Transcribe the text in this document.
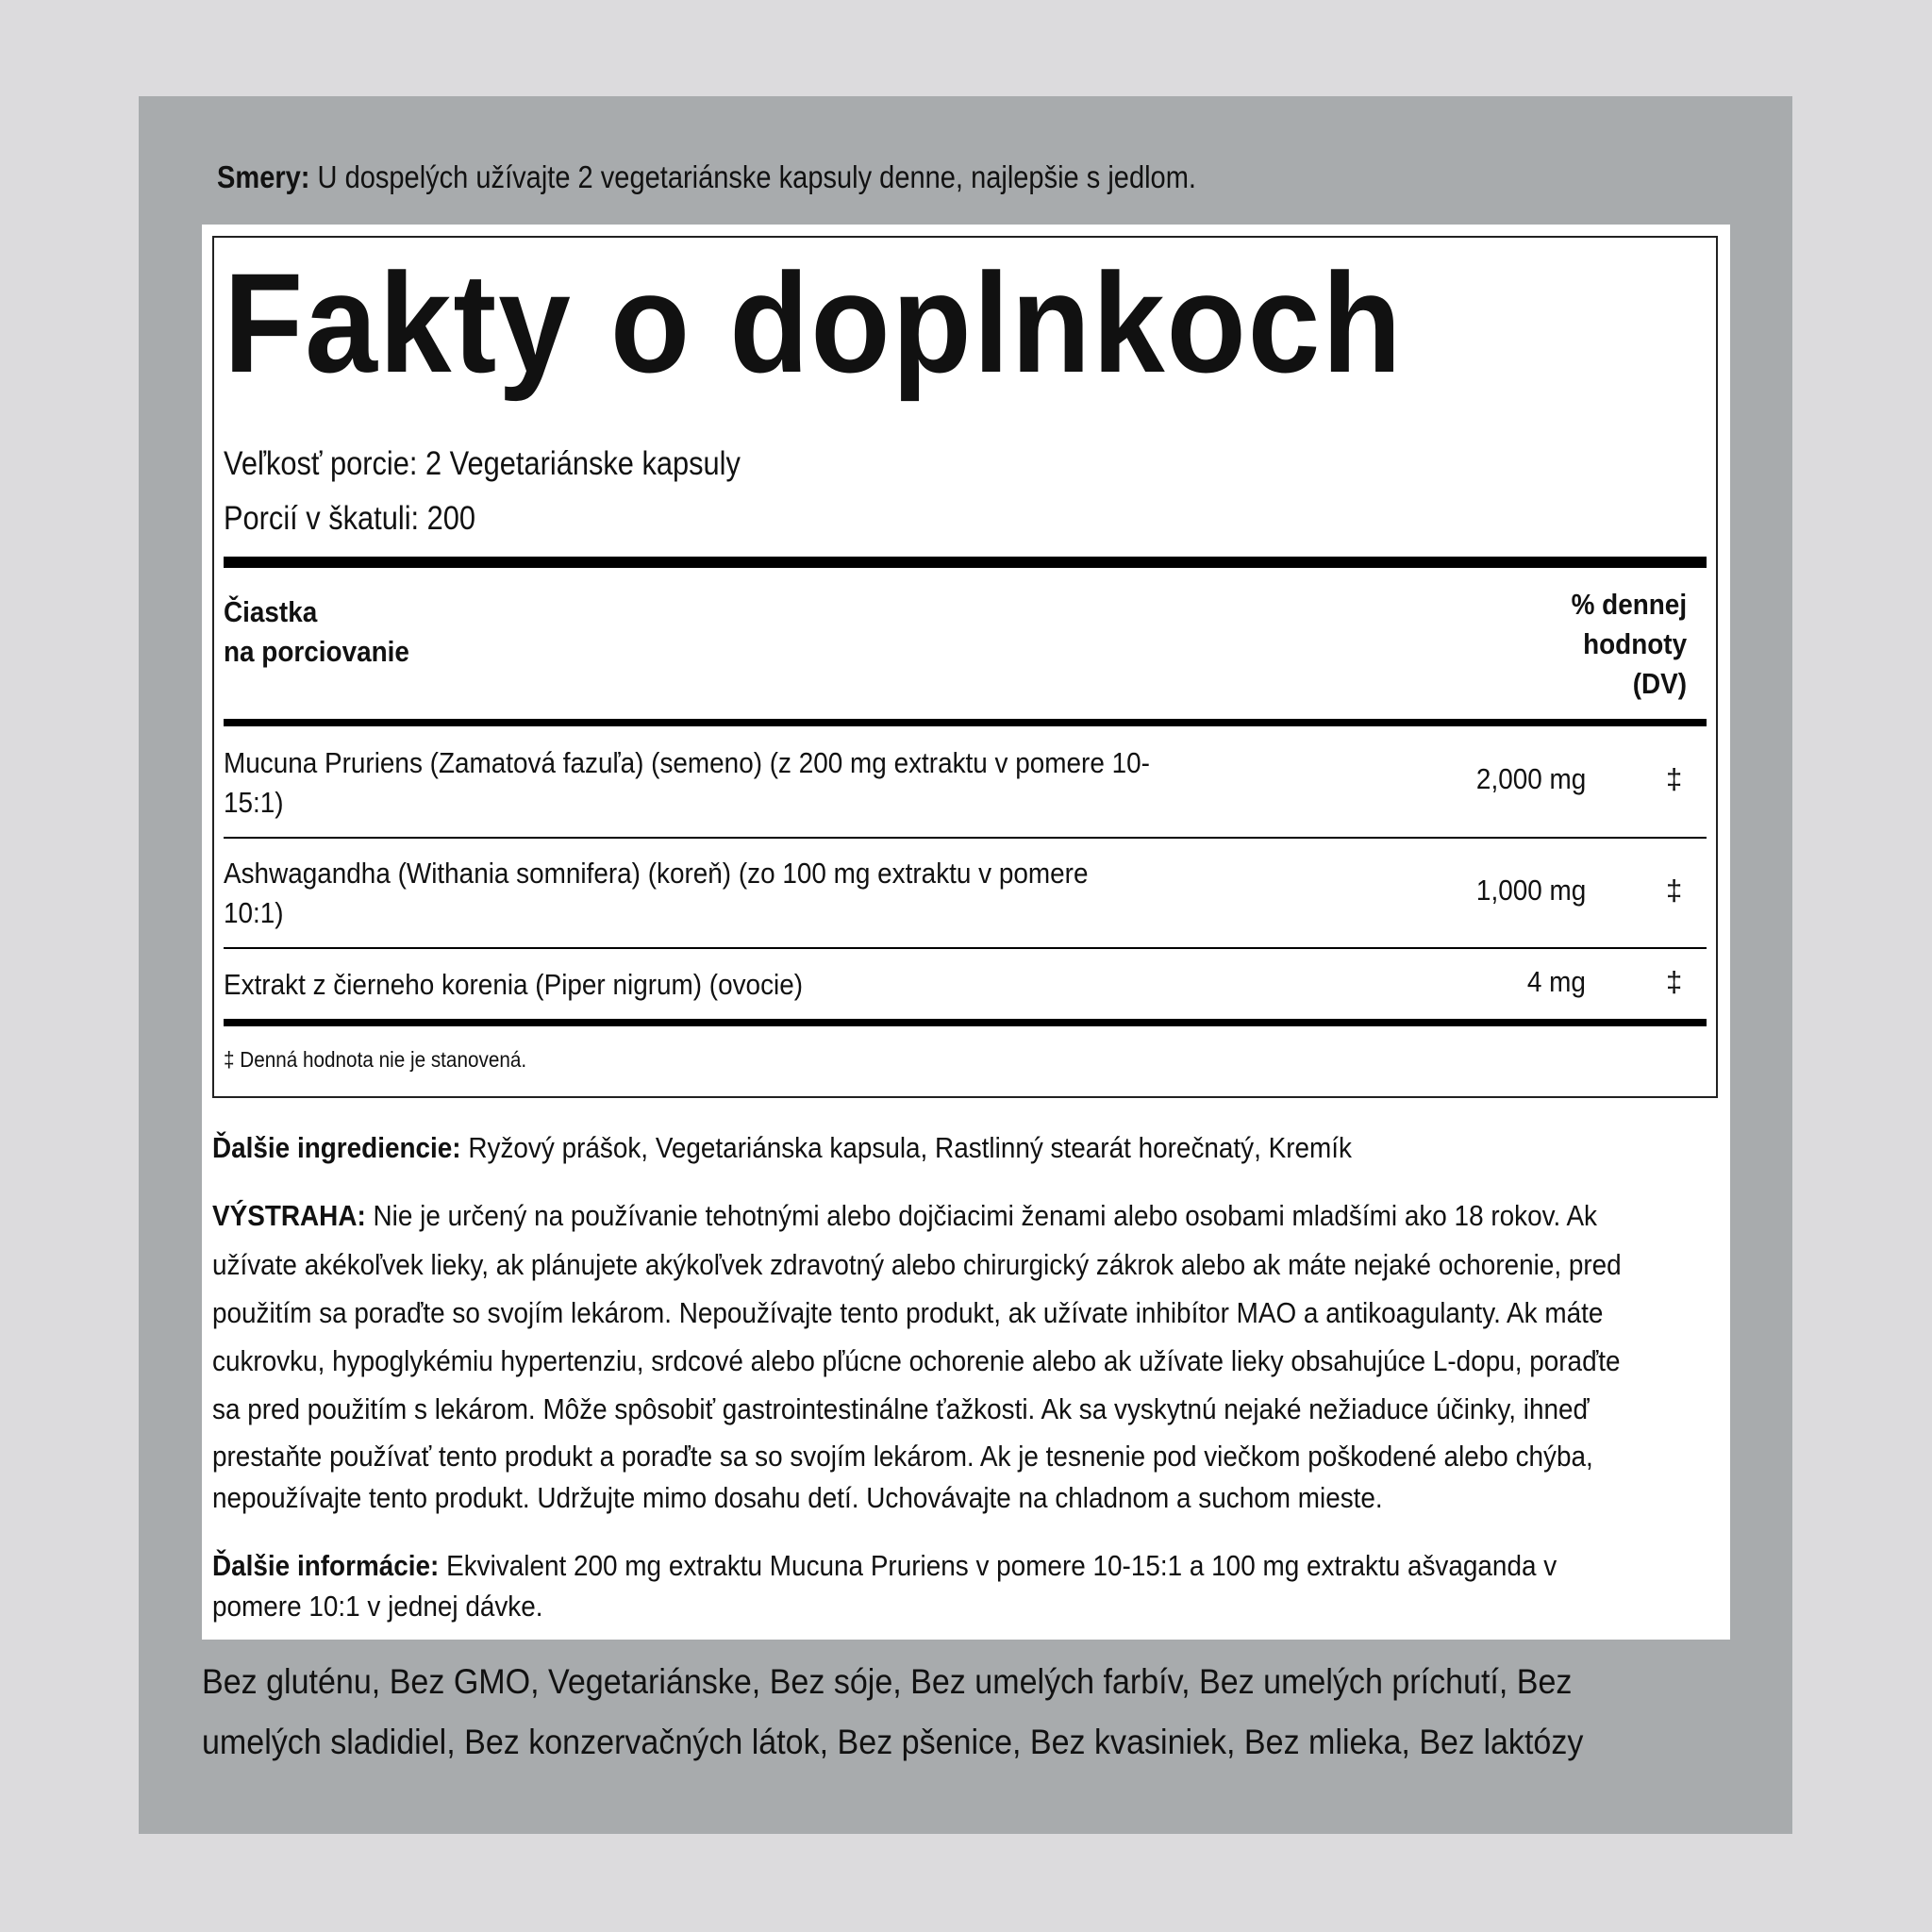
Smery: U dospelých užívajte 2 vegetariánske kapsuly denne, najlepšie s jedlom.
Fakty o doplnkoch
Veľkosť porcie: 2 Vegetariánske kapsuly
Porcií v škatuli: 200
Čiastka
na porciovanie
% dennej
hodnoty
(DV)
Mucuna Pruriens (Zamatová fazuľa) (semeno) (z 200 mg extraktu v pomere 10-
15:1)
2,000 mg	‡
Ashwagandha (Withania somnifera) (koreň) (zo 100 mg extraktu v pomere
10:1)
1,000 mg	‡
Extrakt z čierneho korenia (Piper nigrum) (ovocie)	4 mg	‡
‡ Denná hodnota nie je stanovená.
Ďalšie ingrediencie: Ryžový prášok, Vegetariánska kapsula, Rastlinný stearát horečnatý, Kremík
VÝSTRAHA: Nie je určený na používanie tehotnými alebo dojčiacimi ženami alebo osobami mladšími ako 18 rokov. Ak
užívate akékoľvek lieky, ak plánujete akýkoľvek zdravotný alebo chirurgický zákrok alebo ak máte nejaké ochorenie, pred
použitím sa poraďte so svojím lekárom. Nepoužívajte tento produkt, ak užívate inhibítor MAO a antikoagulanty. Ak máte
cukrovku, hypoglykémiu hypertenziu, srdcové alebo pľúcne ochorenie alebo ak užívate lieky obsahujúce L-dopu, poraďte
sa pred použitím s lekárom. Môže spôsobiť gastrointestinálne ťažkosti. Ak sa vyskytnú nejaké nežiaduce účinky, ihneď
prestaňte používať tento produkt a poraďte sa so svojím lekárom. Ak je tesnenie pod viečkom poškodené alebo chýba,
nepoužívajte tento produkt. Udržujte mimo dosahu detí. Uchovávajte na chladnom a suchom mieste.
Ďalšie informácie: Ekvivalent 200 mg extraktu Mucuna Pruriens v pomere 10-15:1 a 100 mg extraktu ašvaganda v
pomere 10:1 v jednej dávke.
Bez gluténu, Bez GMO, Vegetariánske, Bez sóje, Bez umelých farbív, Bez umelých príchutí, Bez
umelých sladidiel, Bez konzervačných látok, Bez pšenice, Bez kvasiniek, Bez mlieka, Bez laktózy
